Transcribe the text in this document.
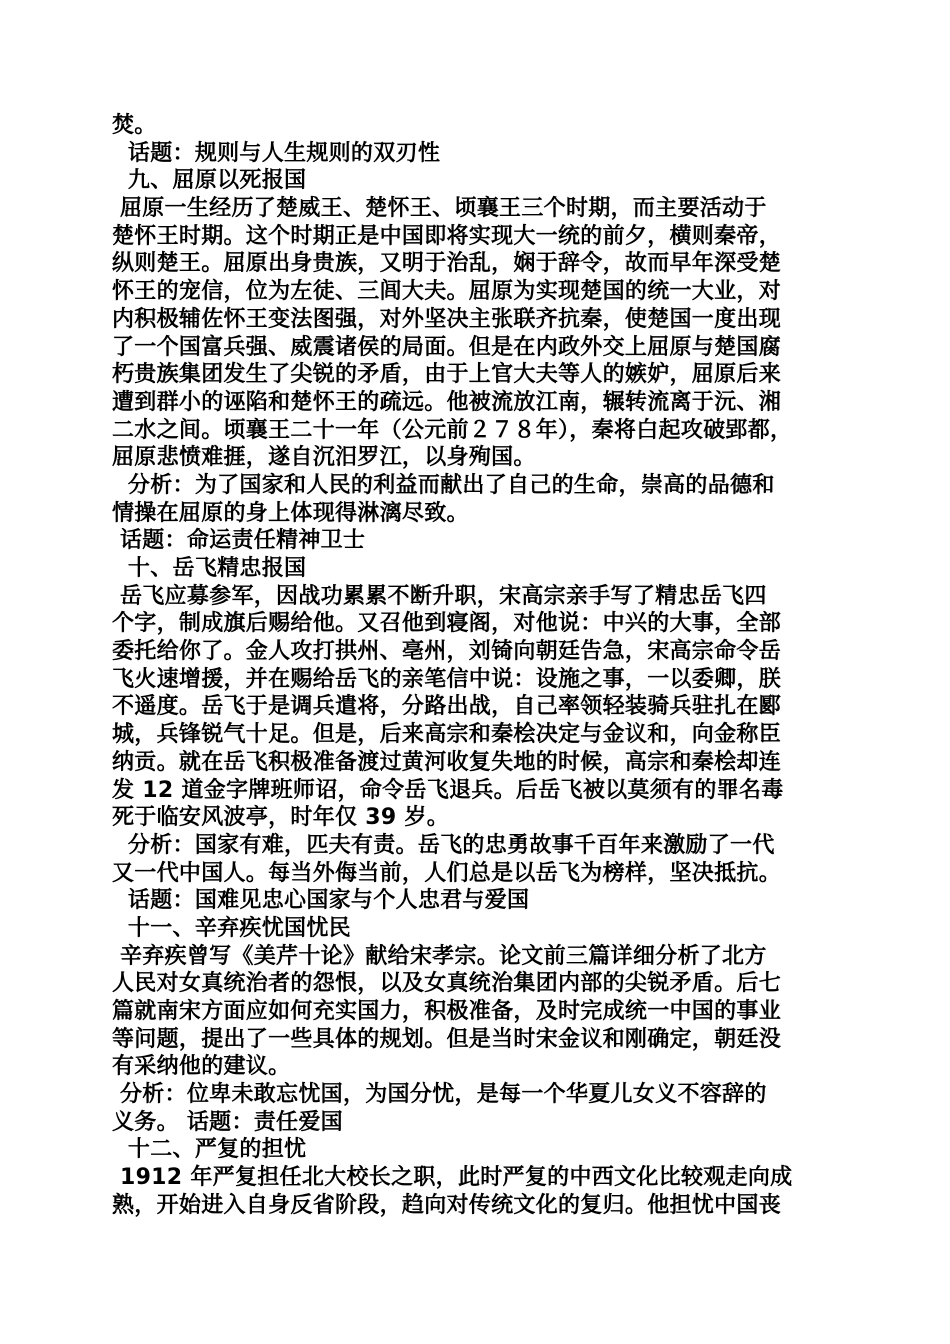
焚。
话题：规则与人生规则的双刃性
九、屈原以死报国
屈原一生经历了楚威王、楚怀王、顷襄王三个时期，而主要活动于
楚怀王时期。这个时期正是中国即将实现大一统的前夕，横则秦帝，
纵则楚王。屈原出身贵族，又明于治乱，娴于辞令，故而早年深受楚
怀王的宠信，位为左徒、三闾大夫。屈原为实现楚国的统一大业，对
内积极辅佐怀王变法图强，对外坚决主张联齐抗秦，使楚国一度出现
了一个国富兵强、威震诸侯的局面。但是在内政外交上屈原与楚国腐
朽贵族集团发生了尖锐的矛盾，由于上官大夫等人的嫉妒，屈原后来
遭到群小的诬陷和楚怀王的疏远。他被流放江南，辗转流离于沅、湘
二水之间。顷襄王二十一年（公元前２７８年），秦将白起攻破郢都，
屈原悲愤难捱，遂自沉汨罗江，以身殉国。
分析：为了国家和人民的利益而献出了自己的生命，崇高的品德和
情操在屈原的身上体现得淋漓尽致。
话题：命运责任精神卫士
十、岳飞精忠报国
岳飞应募参军，因战功累累不断升职，宋高宗亲手写了精忠岳飞四
个字，制成旗后赐给他。又召他到寝阁，对他说：中兴的大事，全部
委托给你了。金人攻打拱州、亳州，刘锜向朝廷告急，宋高宗命令岳
飞火速增援，并在赐给岳飞的亲笔信中说：设施之事，一以委卿，朕
不遥度。岳飞于是调兵遣将，分路出战，自己率领轻装骑兵驻扎在郾
城，兵锋锐气十足。但是，后来高宗和秦桧决定与金议和，向金称臣
纳贡。就在岳飞积极准备渡过黄河收复失地的时候，高宗和秦桧却连
发 12 道金字牌班师诏，命令岳飞退兵。后岳飞被以莫须有的罪名毒
死于临安风波亭，时年仅 39 岁。
分析：国家有难，匹夫有责。岳飞的忠勇故事千百年来激励了一代
又一代中国人。每当外侮当前，人们总是以岳飞为榜样，坚决抵抗。
话题：国难见忠心国家与个人忠君与爱国
十一、辛弃疾忧国忧民
辛弃疾曾写《美芹十论》献给宋孝宗。论文前三篇详细分析了北方
人民对女真统治者的怨恨，以及女真统治集团内部的尖锐矛盾。后七
篇就南宋方面应如何充实国力，积极准备，及时完成统一中国的事业
等问题，提出了一些具体的规划。但是当时宋金议和刚确定，朝廷没
有采纳他的建议。
分析：位卑未敢忘忧国，为国分忧，是每一个华夏儿女义不容辞的
义务。 话题：责任爱国
十二、严复的担忧
1912 年严复担任北大校长之职，此时严复的中西文化比较观走向成
熟，开始进入自身反省阶段，趋向对传统文化的复归。他担忧中国丧
